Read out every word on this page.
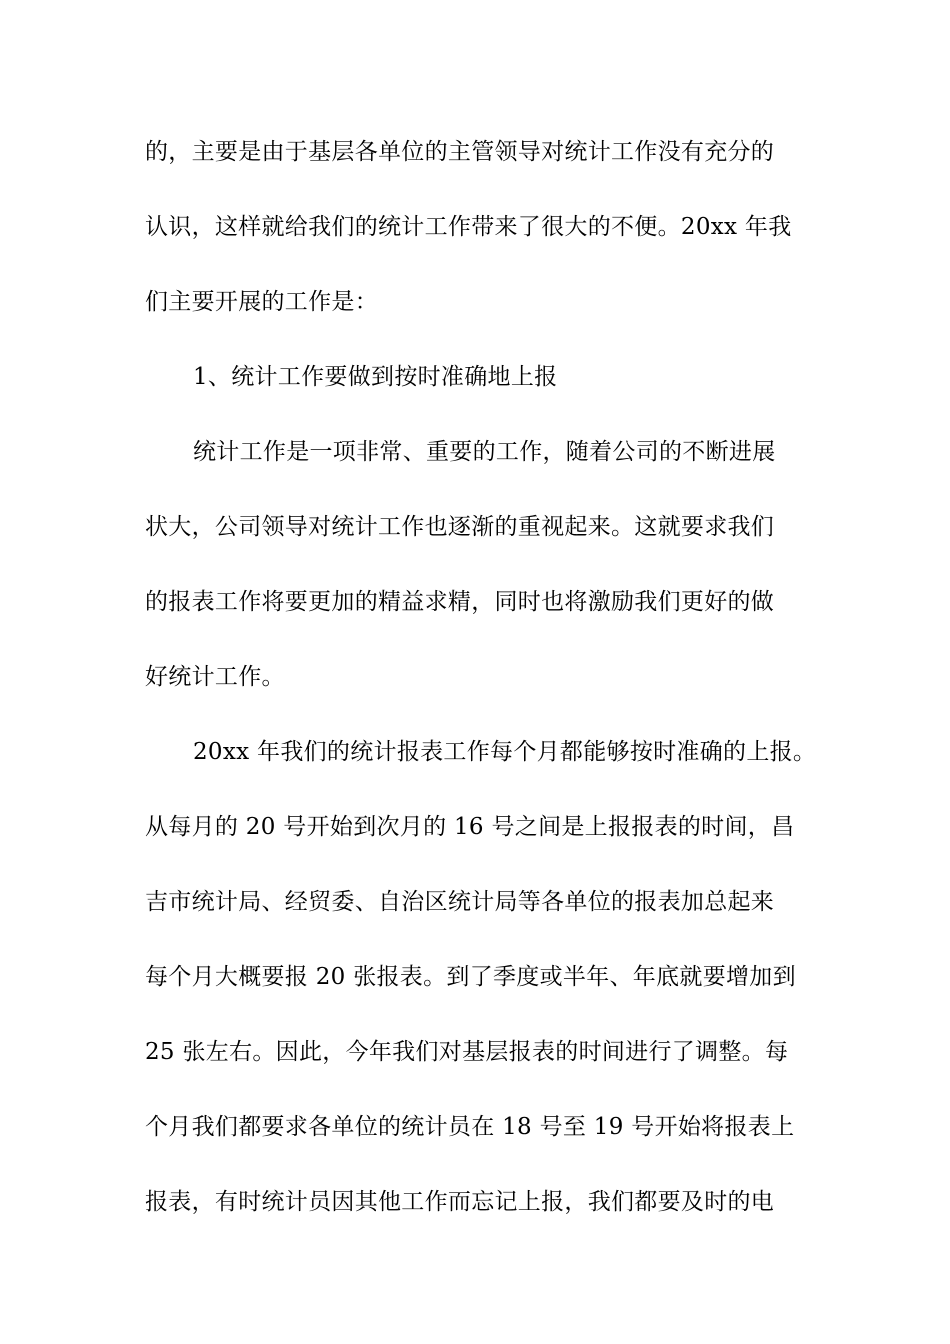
的，主要是由于基层各单位的主管领导对统计工作没有充分的
认识，这样就给我们的统计工作带来了很大的不便。20xx 年我
们主要开展的工作是：
1、统计工作要做到按时准确地上报
统计工作是一项非常、重要的工作，随着公司的不断进展
状大，公司领导对统计工作也逐渐的重视起来。这就要求我们
的报表工作将要更加的精益求精，同时也将激励我们更好的做
好统计工作。
20xx 年我们的统计报表工作每个月都能够按时准确的上报。
从每月的 20 号开始到次月的 16 号之间是上报报表的时间，昌
吉市统计局、经贸委、自治区统计局等各单位的报表加总起来
每个月大概要报 20 张报表。到了季度或半年、年底就要增加到
25 张左右。因此，今年我们对基层报表的时间进行了调整。每
个月我们都要求各单位的统计员在 18 号至 19 号开始将报表上
报表，有时统计员因其他工作而忘记上报，我们都要及时的电
